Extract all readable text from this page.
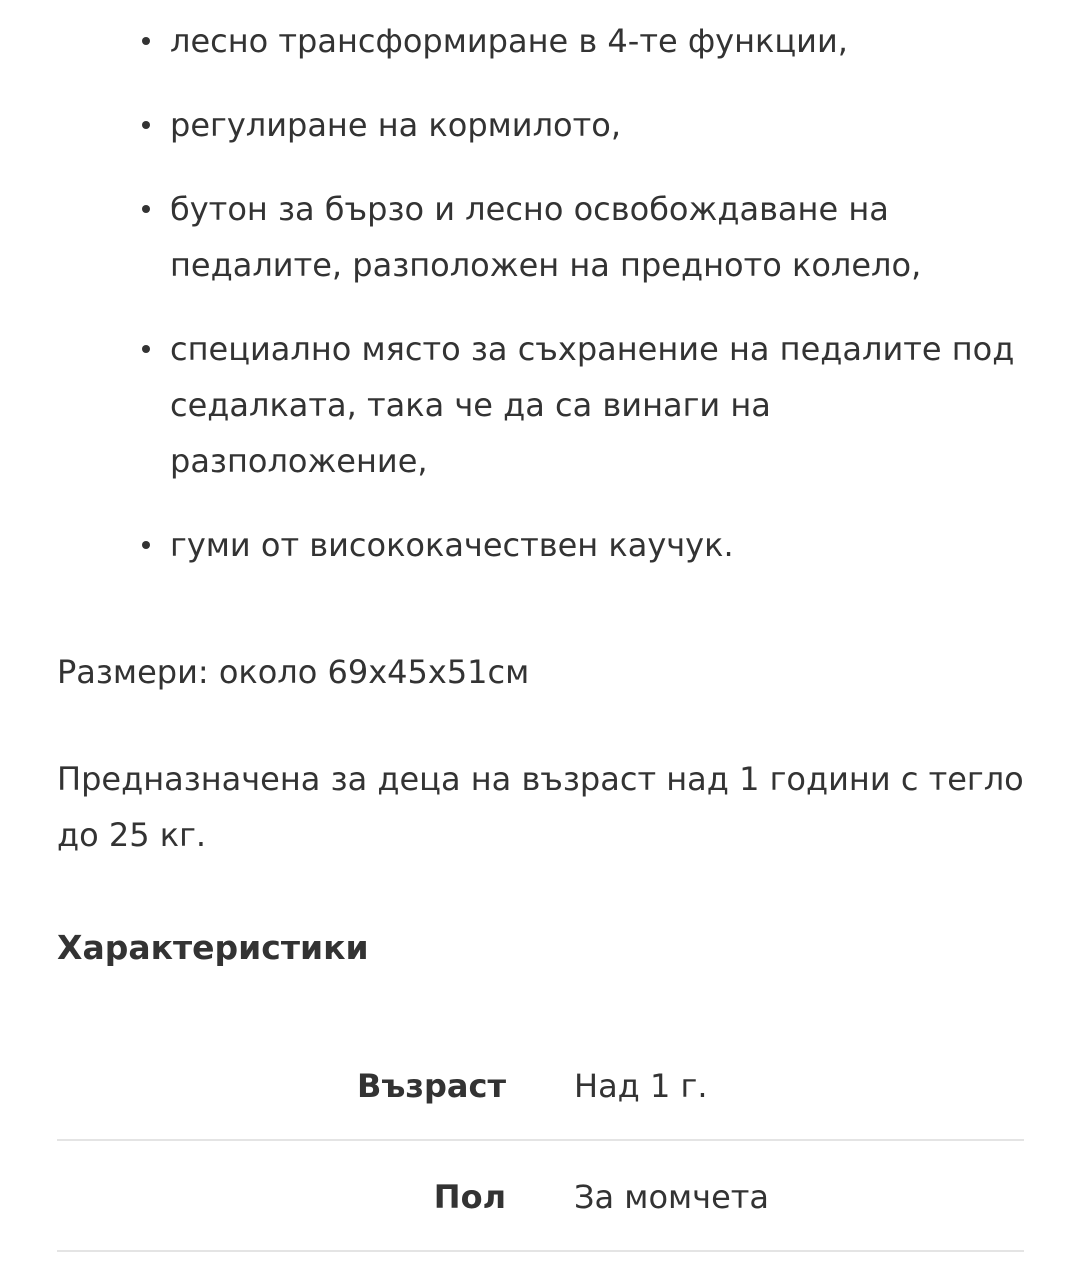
лесно трансформиране в 4-те функции,
регулиране на кормилото,
бутон за бързо и лесно освобождаване на педалите, разположен на предното колело,
специално място за съхранение на педалите под седалката, така че да са винаги на разположение,
гуми от висококачествен каучук.
Размери: около 69x45x51см
Предназначена за деца на възраст над 1 години с тегло до 25 кг.
Характеристики
Възраст Над 1 г.
Пол За момчета
